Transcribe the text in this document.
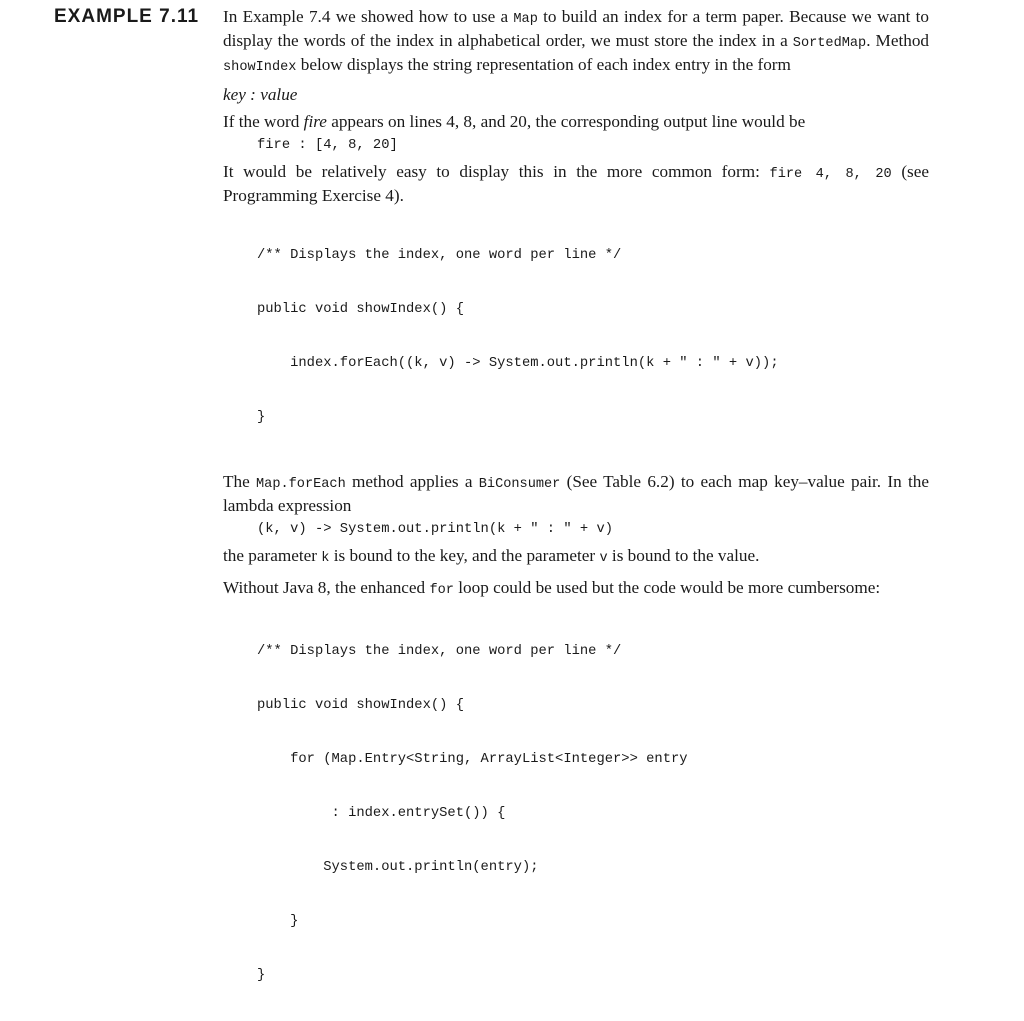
EXAMPLE 7.11 In Example 7.4 we showed how to use a Map to build an index for a term paper. Because we want to display the words of the index in alphabetical order, we must store the index in a SortedMap. Method showIndex below displays the string representation of each index entry in the form

key : value

If the word fire appears on lines 4, 8, and 20, the corresponding output line would be

fire : [4, 8, 20]

It would be relatively easy to display this in the more common form: fire 4, 8, 20 (see Programming Exercise 4).

/** Displays the index, one word per line */

public void showIndex() {

index.forEach((k, v) -> System.out.println(k + " : " + v));

}

The Map.forEach method applies a BiConsumer (See Table 6.2) to each map key–value pair. In the lambda expression

(k, v) -> System.out.println(k + " : " + v)

the parameter k is bound to the key, and the parameter v is bound to the value.

Without Java 8, the enhanced for loop could be used but the code would be more cumbersome:

/** Displays the index, one word per line */

public void showIndex() {

for (Map.Entry<String, ArrayList<Integer>> entry

: index.entrySet()) {

System.out.println(entry);

}

}
